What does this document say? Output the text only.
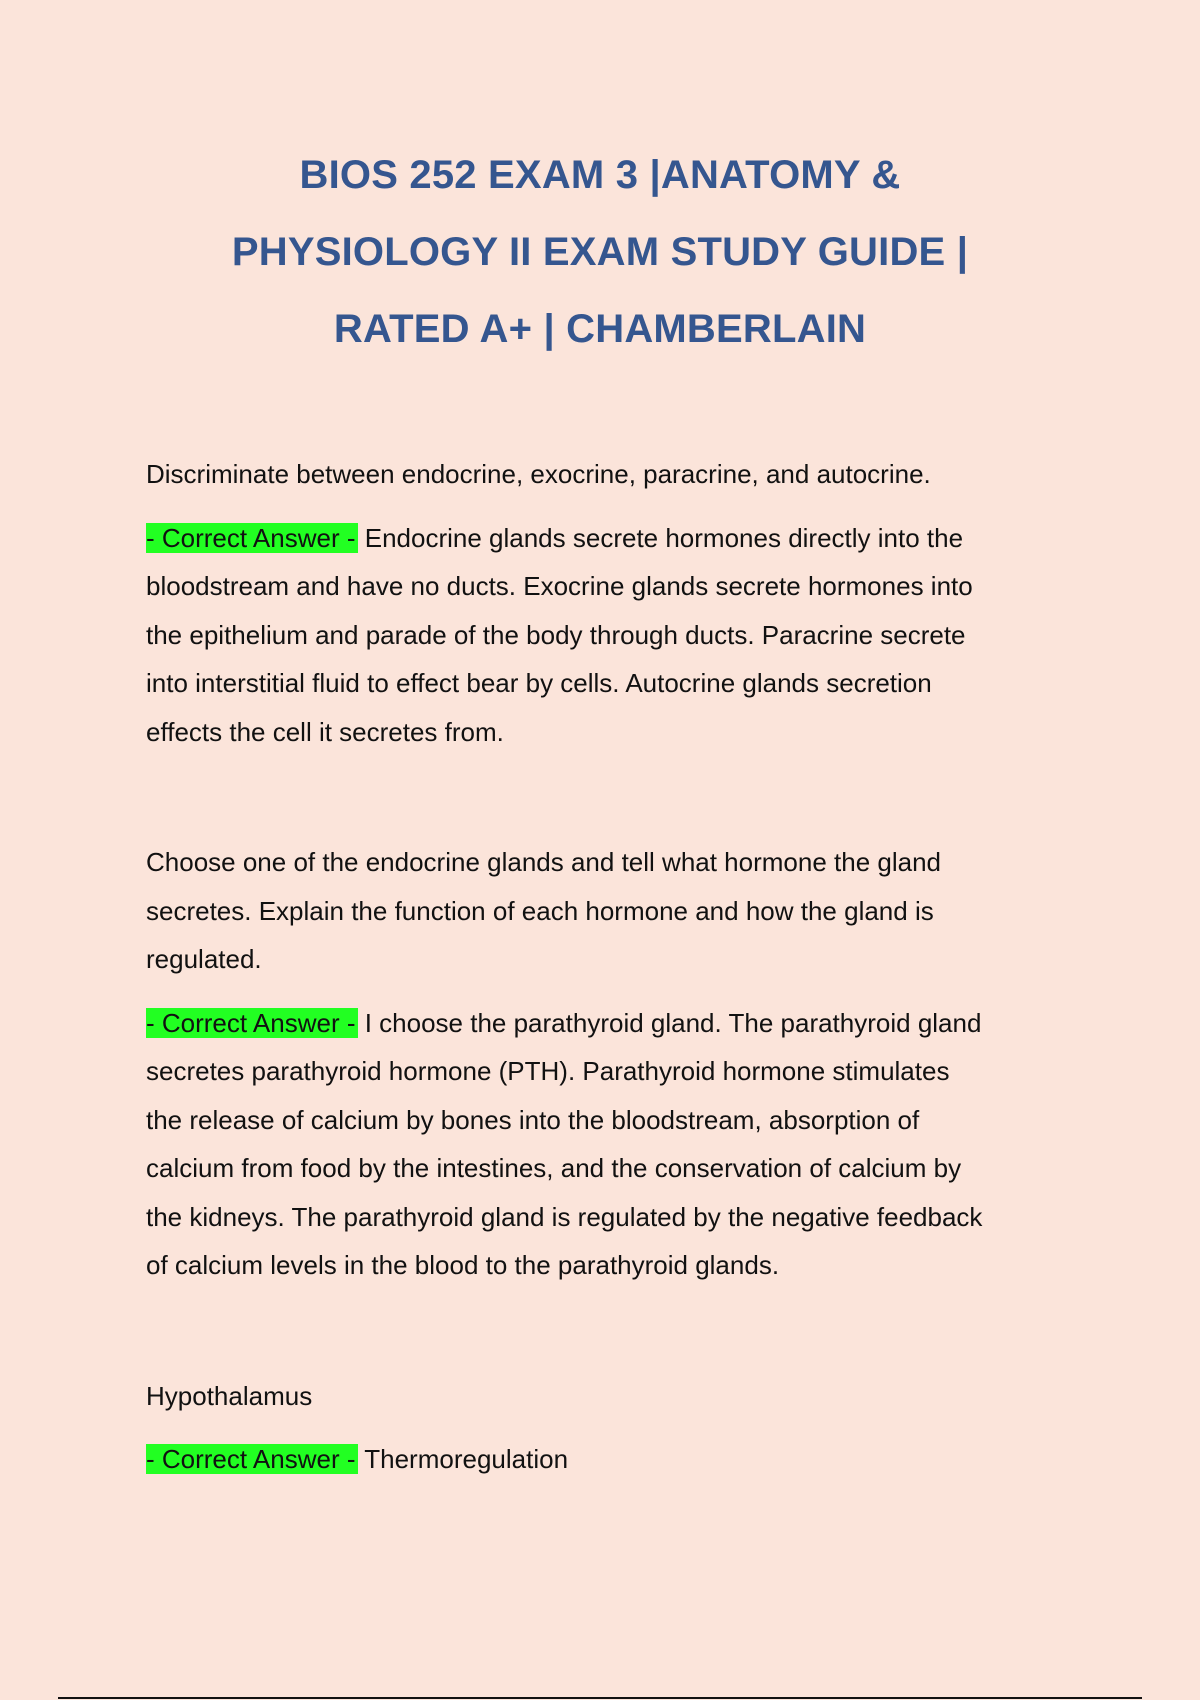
BIOS 252 EXAM 3 |ANATOMY &
PHYSIOLOGY II EXAM STUDY GUIDE |
RATED A+ | CHAMBERLAIN

Discriminate between endocrine, exocrine, paracrine, and autocrine.

- Correct Answer - Endocrine glands secrete hormones directly into the
bloodstream and have no ducts. Exocrine glands secrete hormones into
the epithelium and parade of the body through ducts. Paracrine secrete
into interstitial fluid to effect bear by cells. Autocrine glands secretion
effects the cell it secretes from.

Choose one of the endocrine glands and tell what hormone the gland
secretes. Explain the function of each hormone and how the gland is
regulated.

- Correct Answer - I choose the parathyroid gland. The parathyroid gland
secretes parathyroid hormone (PTH). Parathyroid hormone stimulates
the release of calcium by bones into the bloodstream, absorption of
calcium from food by the intestines, and the conservation of calcium by
the kidneys. The parathyroid gland is regulated by the negative feedback
of calcium levels in the blood to the parathyroid glands.

Hypothalamus

- Correct Answer - Thermoregulation
